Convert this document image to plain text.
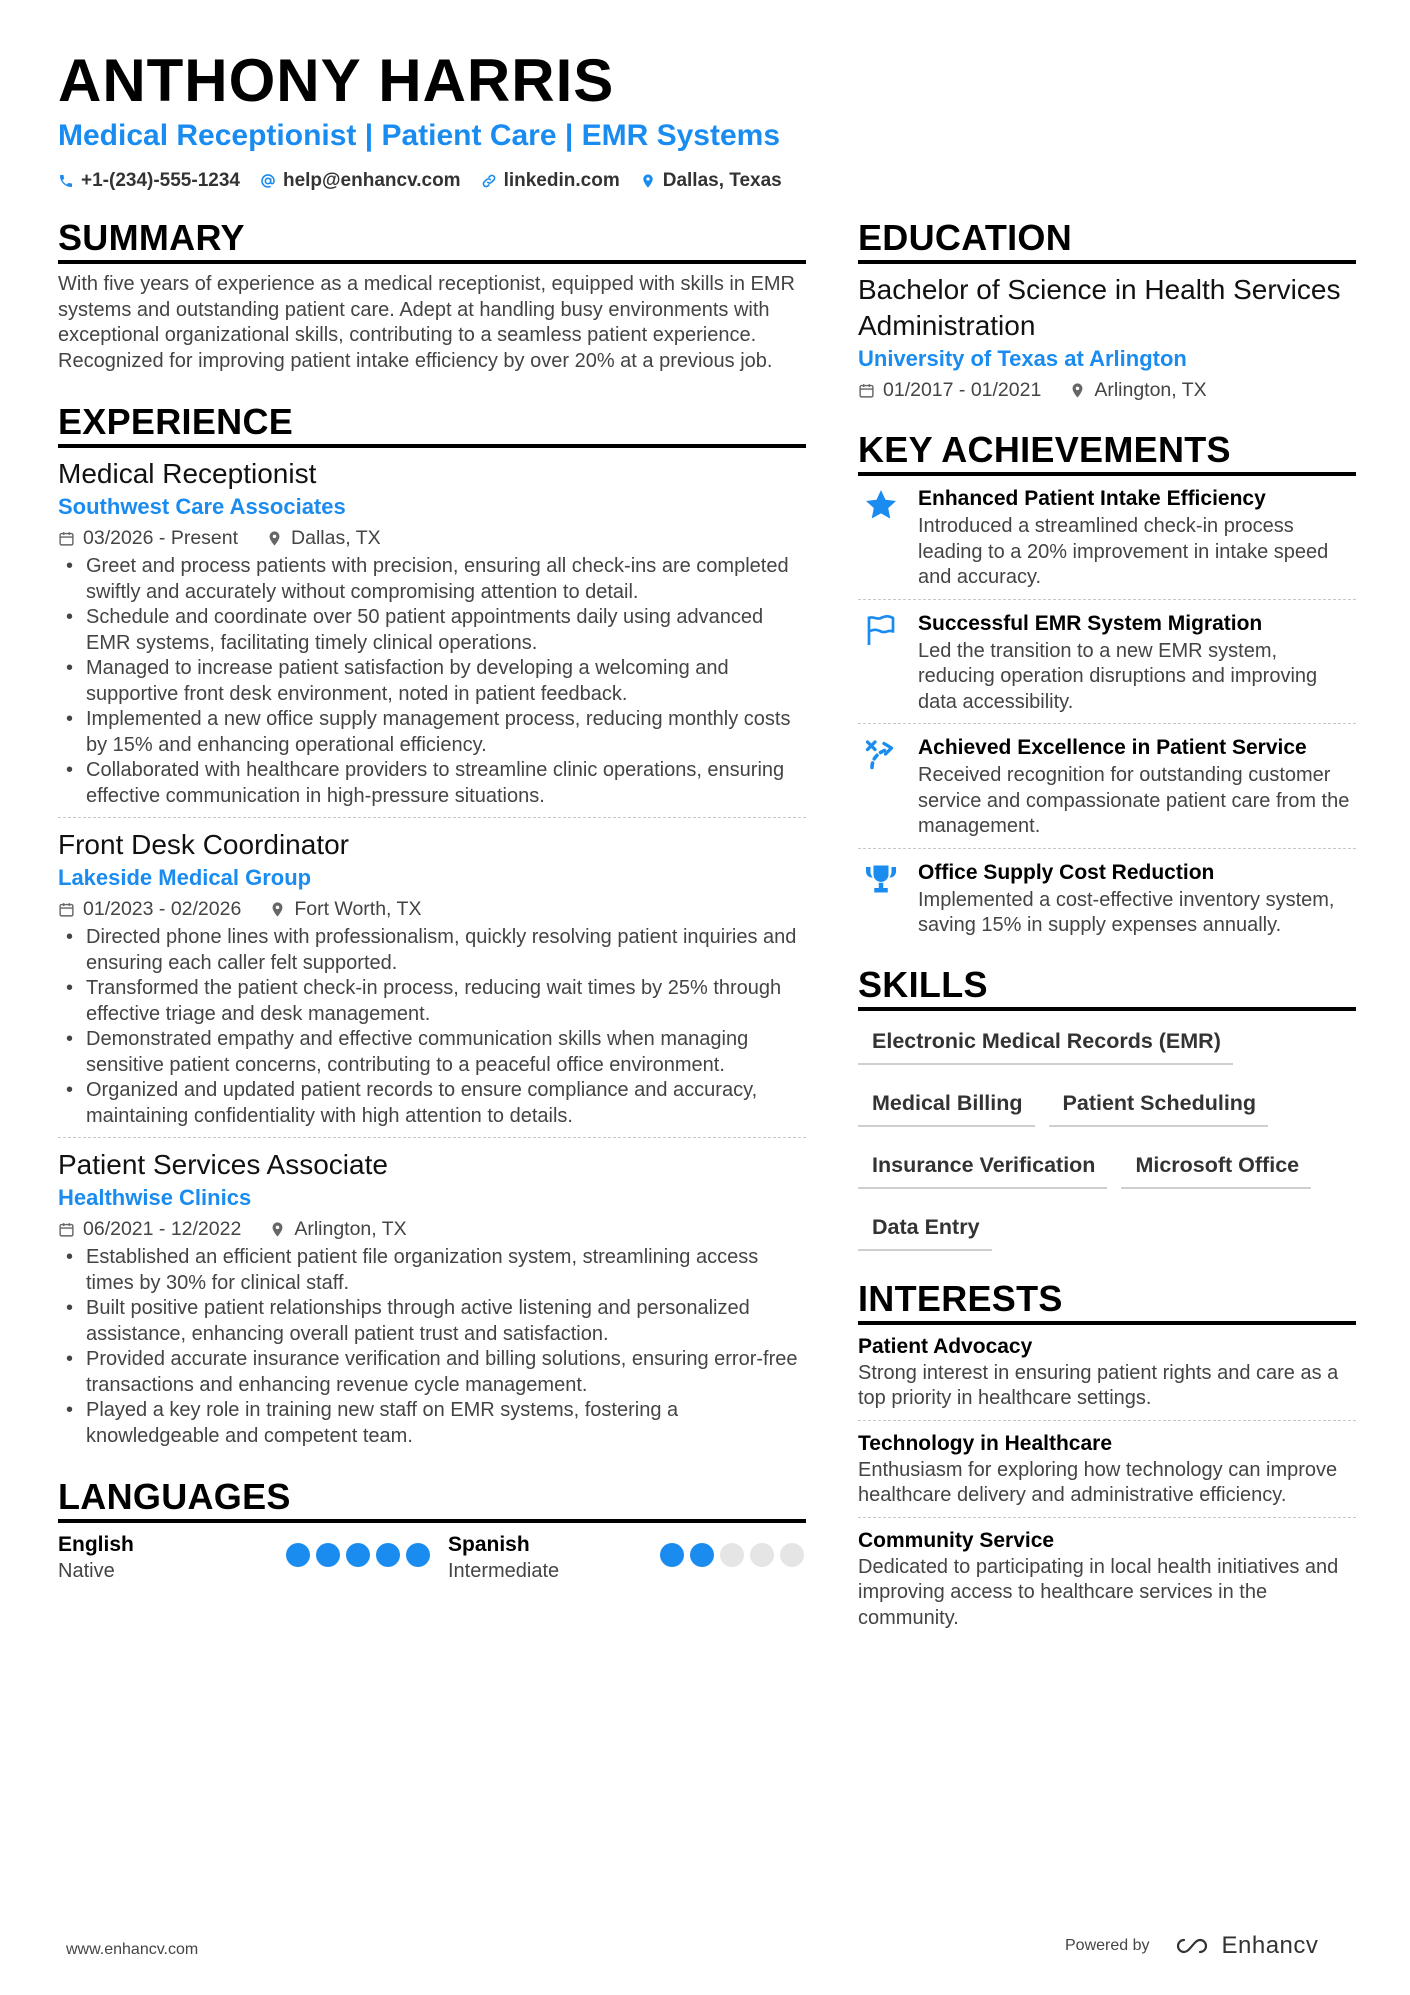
ANTHONY HARRIS
Medical Receptionist | Patient Care | EMR Systems
+1-(234)-555-1234 help@enhancv.com linkedin.com Dallas, Texas
SUMMARY
With five years of experience as a medical receptionist, equipped with skills in EMR systems and outstanding patient care. Adept at handling busy environments with exceptional organizational skills, contributing to a seamless patient experience. Recognized for improving patient intake efficiency by over 20% at a previous job.
EXPERIENCE
Medical Receptionist
Southwest Care Associates
03/2026 - Present	Dallas, TX
• Greet and process patients with precision, ensuring all check-ins are completed swiftly and accurately without compromising attention to detail.
• Schedule and coordinate over 50 patient appointments daily using advanced EMR systems, facilitating timely clinical operations.
• Managed to increase patient satisfaction by developing a welcoming and supportive front desk environment, noted in patient feedback.
• Implemented a new office supply management process, reducing monthly costs by 15% and enhancing operational efficiency.
• Collaborated with healthcare providers to streamline clinic operations, ensuring effective communication in high-pressure situations.
Front Desk Coordinator
Lakeside Medical Group
01/2023 - 02/2026	Fort Worth, TX
• Directed phone lines with professionalism, quickly resolving patient inquiries and ensuring each caller felt supported.
• Transformed the patient check-in process, reducing wait times by 25% through effective triage and desk management.
• Demonstrated empathy and effective communication skills when managing sensitive patient concerns, contributing to a peaceful office environment.
• Organized and updated patient records to ensure compliance and accuracy, maintaining confidentiality with high attention to details.
Patient Services Associate
Healthwise Clinics
06/2021 - 12/2022	Arlington, TX
• Established an efficient patient file organization system, streamlining access times by 30% for clinical staff.
• Built positive patient relationships through active listening and personalized assistance, enhancing overall patient trust and satisfaction.
• Provided accurate insurance verification and billing solutions, ensuring error-free transactions and enhancing revenue cycle management.
• Played a key role in training new staff on EMR systems, fostering a knowledgeable and competent team.
LANGUAGES
English
Native
Spanish
Intermediate
EDUCATION
Bachelor of Science in Health Services Administration
University of Texas at Arlington
01/2017 - 01/2021	Arlington, TX
KEY ACHIEVEMENTS
Enhanced Patient Intake Efficiency
Introduced a streamlined check-in process leading to a 20% improvement in intake speed and accuracy.
Successful EMR System Migration
Led the transition to a new EMR system, reducing operation disruptions and improving data accessibility.
Achieved Excellence in Patient Service
Received recognition for outstanding customer service and compassionate patient care from the management.
Office Supply Cost Reduction
Implemented a cost-effective inventory system, saving 15% in supply expenses annually.
SKILLS
Electronic Medical Records (EMR)
Medical Billing	Patient Scheduling
Insurance Verification	Microsoft Office
Data Entry
INTERESTS
Patient Advocacy
Strong interest in ensuring patient rights and care as a top priority in healthcare settings.
Technology in Healthcare
Enthusiasm for exploring how technology can improve healthcare delivery and administrative efficiency.
Community Service
Dedicated to participating in local health initiatives and improving access to healthcare services in the community.
www.enhancv.com	Powered by	Enhancv
